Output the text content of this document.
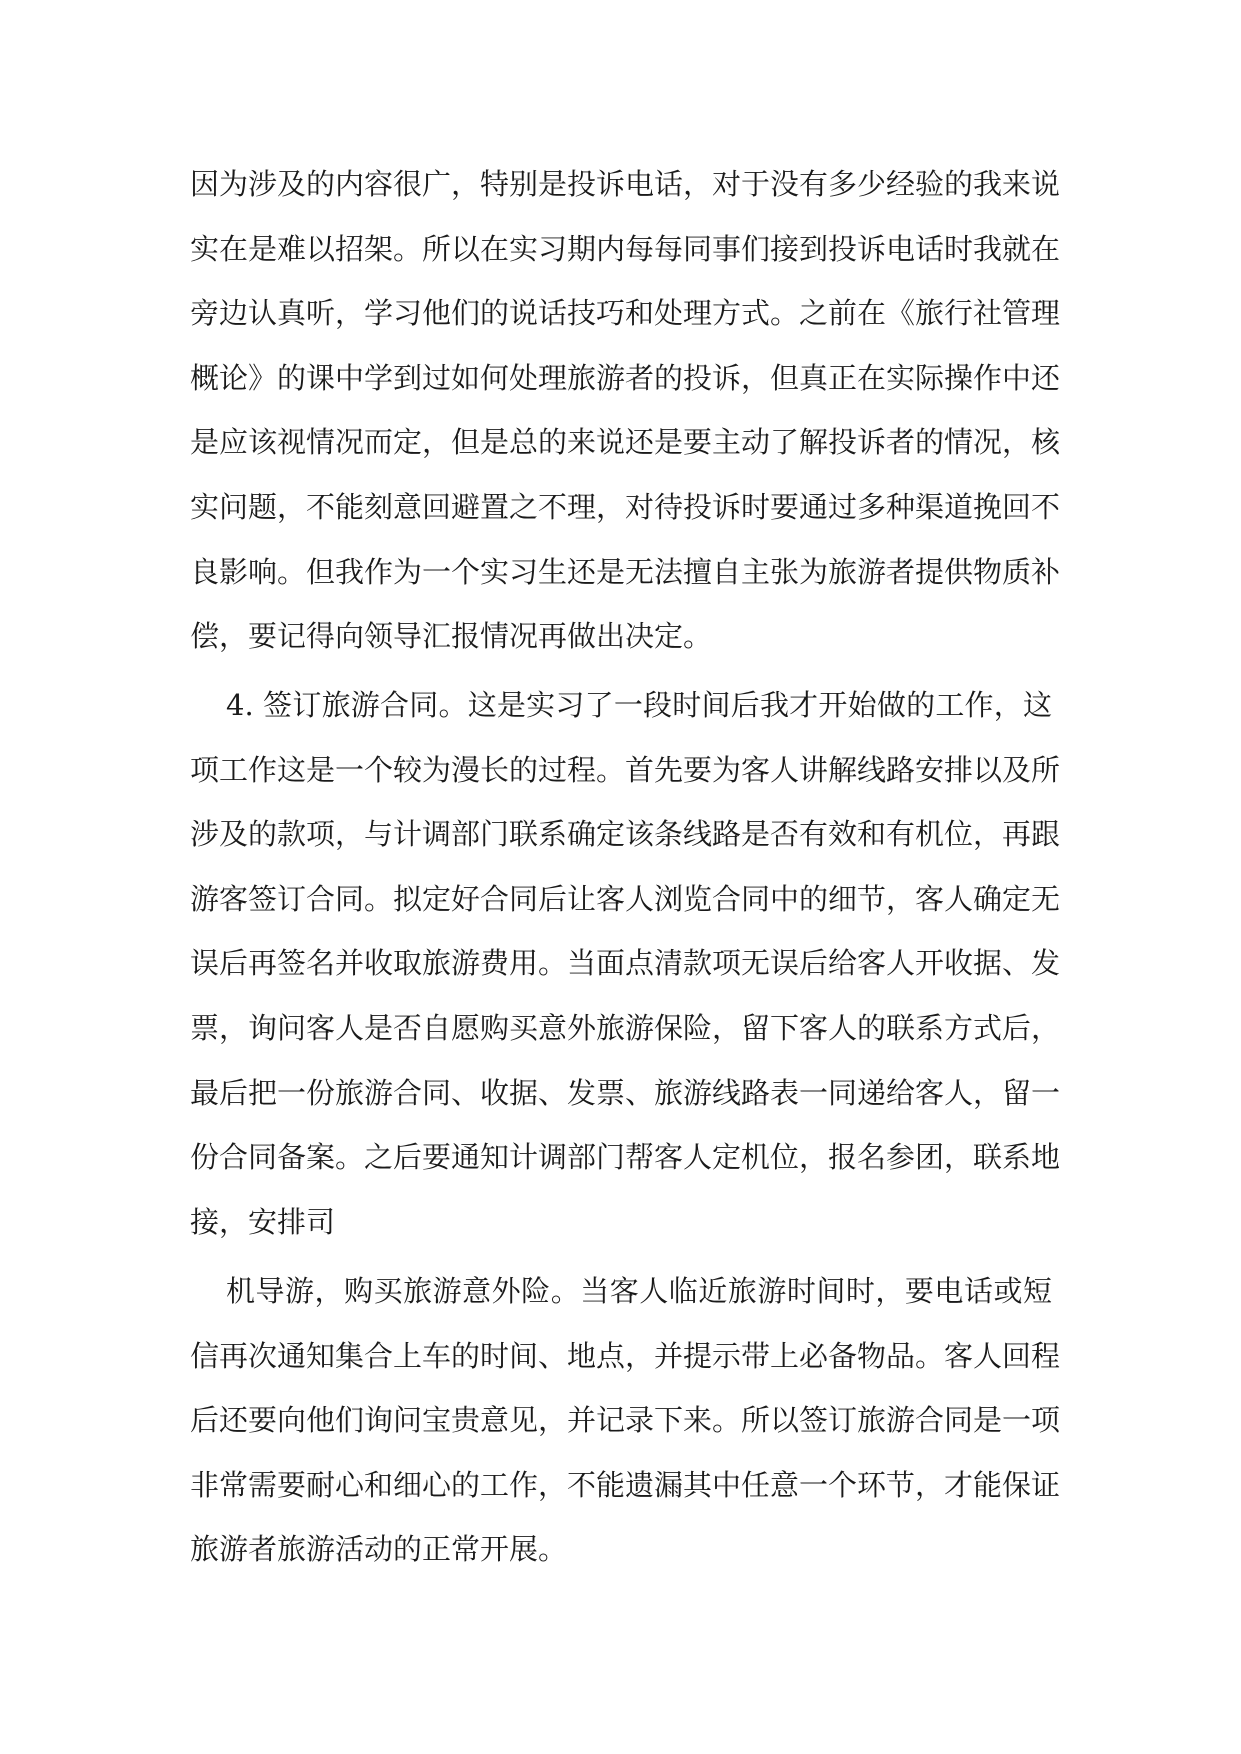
因为涉及的内容很广，特别是投诉电话，对于没有多少经验的我来说
实在是难以招架。所以在实习期内每每同事们接到投诉电话时我就在
旁边认真听，学习他们的说话技巧和处理方式。之前在《旅行社管理
概论》的课中学到过如何处理旅游者的投诉，但真正在实际操作中还
是应该视情况而定，但是总的来说还是要主动了解投诉者的情况，核
实问题，不能刻意回避置之不理，对待投诉时要通过多种渠道挽回不
良影响。但我作为一个实习生还是无法擅自主张为旅游者提供物质补
偿，要记得向领导汇报情况再做出决定。
4. 签订旅游合同。这是实习了一段时间后我才开始做的工作，这
项工作这是一个较为漫长的过程。首先要为客人讲解线路安排以及所
涉及的款项，与计调部门联系确定该条线路是否有效和有机位，再跟
游客签订合同。拟定好合同后让客人浏览合同中的细节，客人确定无
误后再签名并收取旅游费用。当面点清款项无误后给客人开收据、发
票，询问客人是否自愿购买意外旅游保险，留下客人的联系方式后，
最后把一份旅游合同、收据、发票、旅游线路表一同递给客人，留一
份合同备案。之后要通知计调部门帮客人定机位，报名参团，联系地
接，安排司
机导游，购买旅游意外险。当客人临近旅游时间时，要电话或短
信再次通知集合上车的时间、地点，并提示带上必备物品。客人回程
后还要向他们询问宝贵意见，并记录下来。所以签订旅游合同是一项
非常需要耐心和细心的工作，不能遗漏其中任意一个环节，才能保证
旅游者旅游活动的正常开展。
